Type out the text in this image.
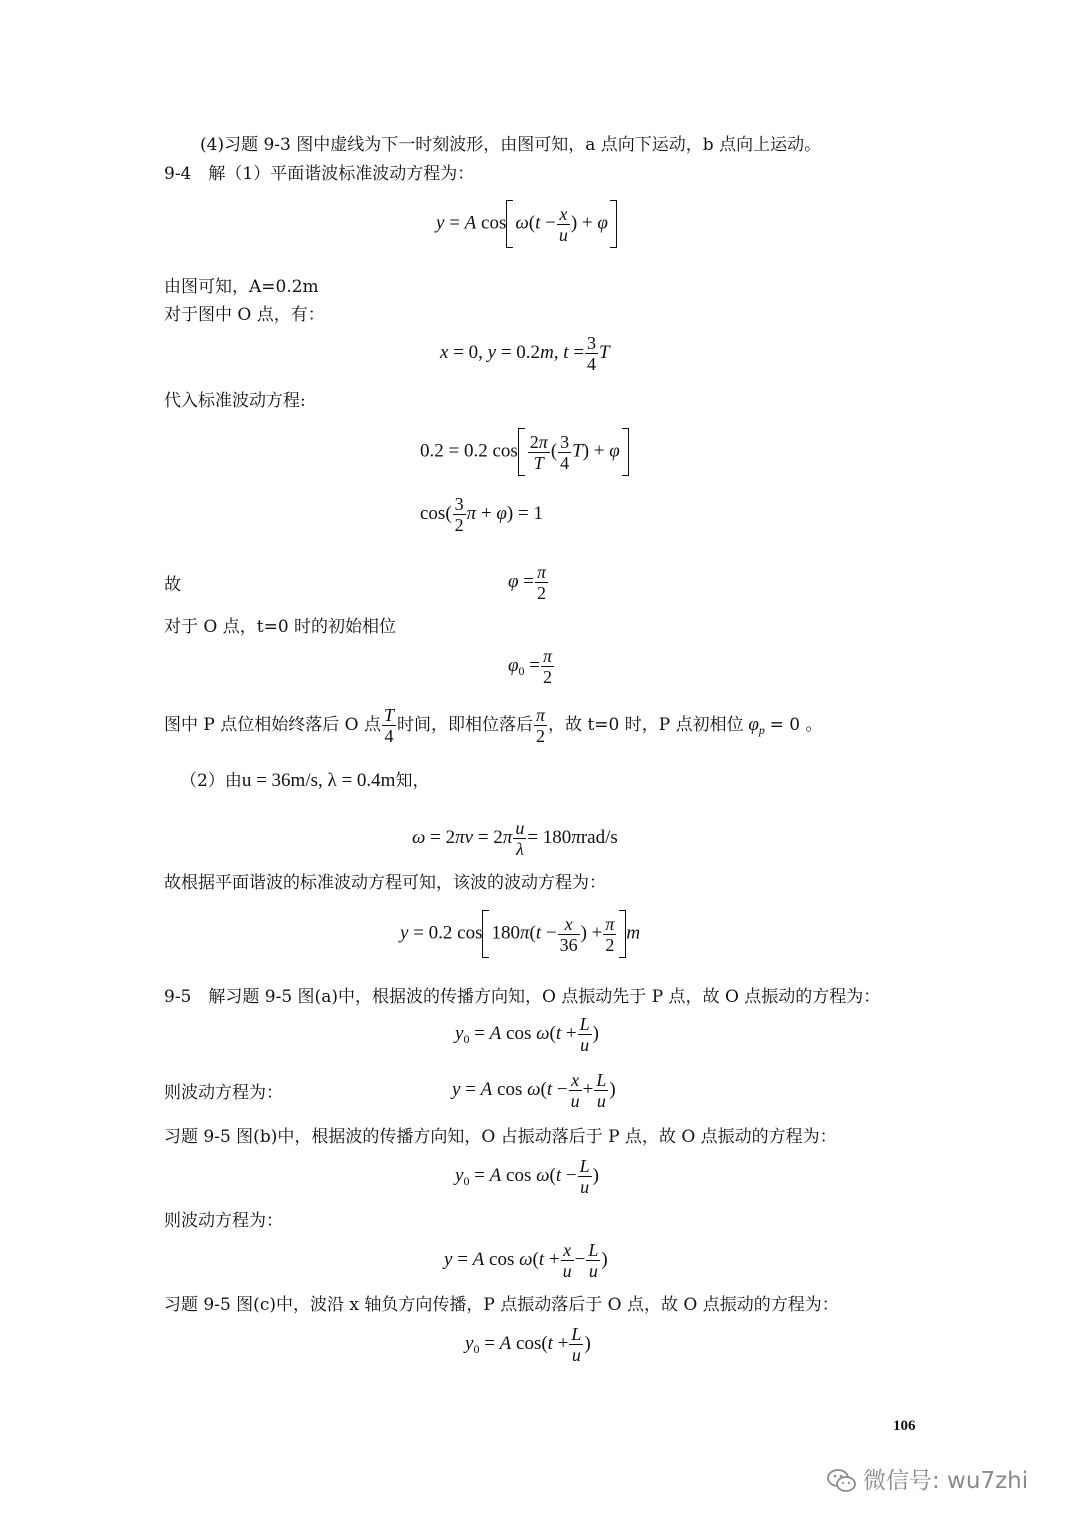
(4)习题 9-3 图中虚线为下一时刻波形，由图可知，a 点向下运动，b 点向上运动。
9-4　解（1）平面谐波标准波动方程为：
y = A $\cos \omega(t - \frac{x}{u}$ ) + φ
由图可知，A=0.2m
对于图中 O 点，有：
x = 0, y = 0.2m, $t = \frac{3}{4}$ T
代入标准波动方程:
0.2 = 0.2 $\cos \frac{2\pi}{T}$ ( $\frac{3}{4} T) + \varphi$
$\cos( \frac{3}{2}$ π + φ) = 1
故	$\varphi = \frac{\pi}{2}$
对于 O 点，t=0 时的初始相位
$\varphi_0 = \frac{\pi}{2}$
图中 P 点位相始终落后 O 点 $\frac{T}{4}$ 时间，即相位落后 $\frac{\pi}{2}$ ，故 t=0 时，P 点初相位 $\varphi_p = 0$ 。
（2）由u = 36m/s, λ = 0.4m知，
$\omega = 2\pi\nu = 2\pi \frac{u}{\lambda} = 180\pi rad/s$
故根据平面谐波的标准波动方程可知，该波的波动方程为：
y = 0.2 $\cos 180\pi(t - \frac{x}{36}$ ) + $\frac{\pi}{2}$ m
9-5　解习题 9-5 图(a)中，根据波的传播方向知，O 点振动先于 P 点，故 O 点振动的方程为：
$y_0 = A$ $\cos \omega(t + \frac{L}{u}$ )
则波动方程为：	y = A $\cos \omega(t - \frac{x}{u} + \frac{L}{u}$ )
习题 9-5 图(b)中，根据波的传播方向知，O 占振动落后于 P 点，故 O 点振动的方程为：
$y_0 = A$ $\cos \omega(t - \frac{L}{u}$ )
则波动方程为：
y = A $\cos \omega(t + \frac{x}{u} - \frac{L}{u}$ )
习题 9-5 图(c)中，波沿 x 轴负方向传播，P 点振动落后于 O 点，故 O 点振动的方程为：
$y_0 = A$ $\cos(t + \frac{L}{u}$ )
106
微信号: wu7zhi
